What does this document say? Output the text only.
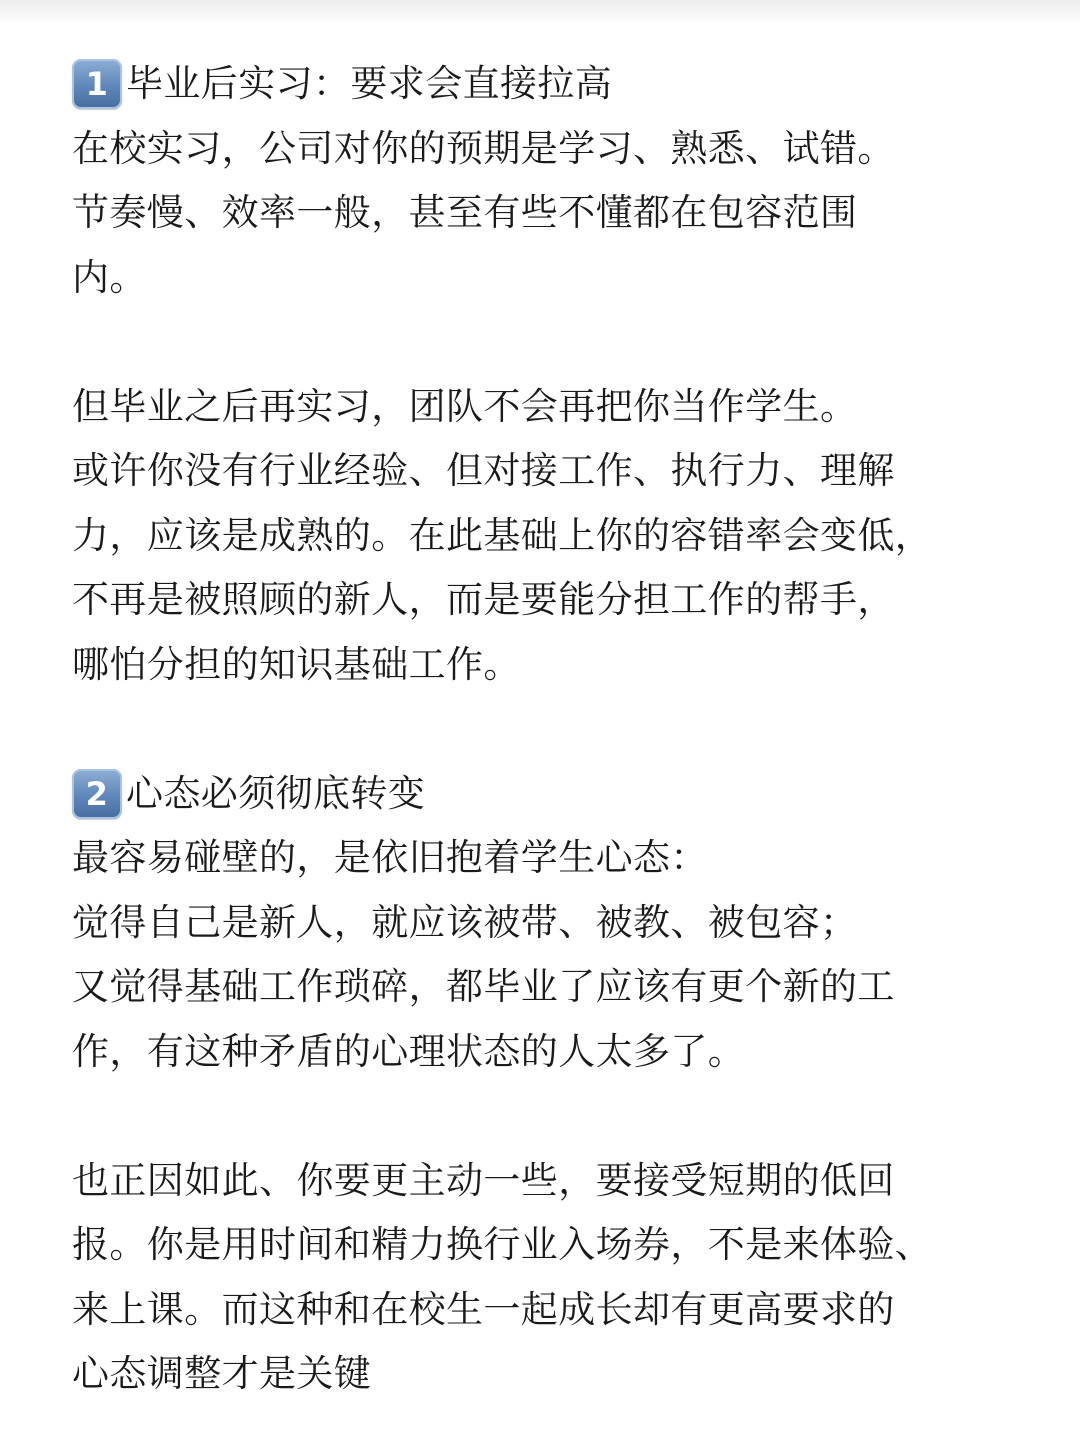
1 毕业后实习：要求会直接拉高
在校实习，公司对你的预期是学习、熟悉、试错。
节奏慢、效率一般，甚至有些不懂都在包容范围
内。
但毕业之后再实习，团队不会再把你当作学生。
或许你没有行业经验、但对接工作、执行力、理解
力，应该是成熟的。在此基础上你的容错率会变低，
不再是被照顾的新人，而是要能分担工作的帮手，
哪怕分担的知识基础工作。
2 心态必须彻底转变
最容易碰壁的，是依旧抱着学生心态：
觉得自己是新人，就应该被带、被教、被包容；
又觉得基础工作琐碎，都毕业了应该有更个新的工
作，有这种矛盾的心理状态的人太多了。
也正因如此、你要更主动一些，要接受短期的低回
报。你是用时间和精力换行业入场券，不是来体验、
来上课。而这种和在校生一起成长却有更高要求的
心态调整才是关键
